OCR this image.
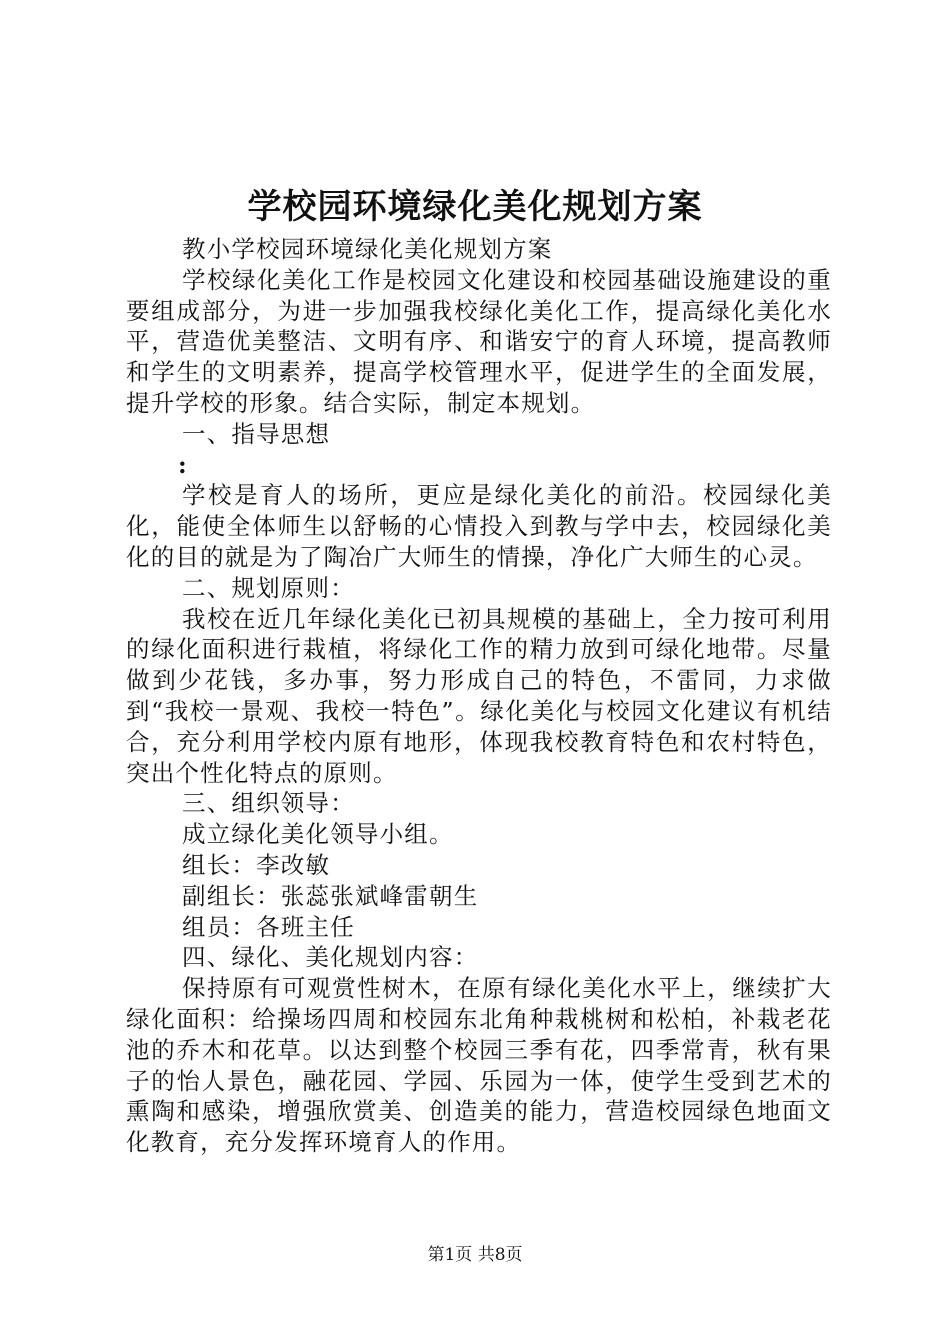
学校园环境绿化美化规划方案

教小学校园环境绿化美化规划方案

学校绿化美化工作是校园文化建设和校园基础设施建设的重要组成部分，为进一步加强我校绿化美化工作，提高绿化美化水平，营造优美整洁、文明有序、和谐安宁的育人环境，提高教师和学生的文明素养，提高学校管理水平，促进学生的全面发展，提升学校的形象。结合实际，制定本规划。

一、指导思想

:

学校是育人的场所，更应是绿化美化的前沿。校园绿化美化，能使全体师生以舒畅的心情投入到教与学中去，校园绿化美化的目的就是为了陶冶广大师生的情操，净化广大师生的心灵。

二、规划原则：

我校在近几年绿化美化已初具规模的基础上，全力按可利用的绿化面积进行栽植，将绿化工作的精力放到可绿化地带。尽量做到少花钱，多办事，努力形成自己的特色，不雷同，力求做到“我校一景观、我校一特色”。绿化美化与校园文化建议有机结合，充分利用学校内原有地形，体现我校教育特色和农村特色，突出个性化特点的原则。

三、组织领导：

成立绿化美化领导小组。

组长：李改敏

副组长：张蕊张斌峰雷朝生

组员：各班主任

四、绿化、美化规划内容：

保持原有可观赏性树木，在原有绿化美化水平上，继续扩大绿化面积：给操场四周和校园东北角种栽桃树和松柏，补栽老花池的乔木和花草。以达到整个校园三季有花，四季常青，秋有果子的怡人景色，融花园、学园、乐园为一体，使学生受到艺术的熏陶和感染，增强欣赏美、创造美的能力，营造校园绿色地面文化教育，充分发挥环境育人的作用。

第1页 共8页
